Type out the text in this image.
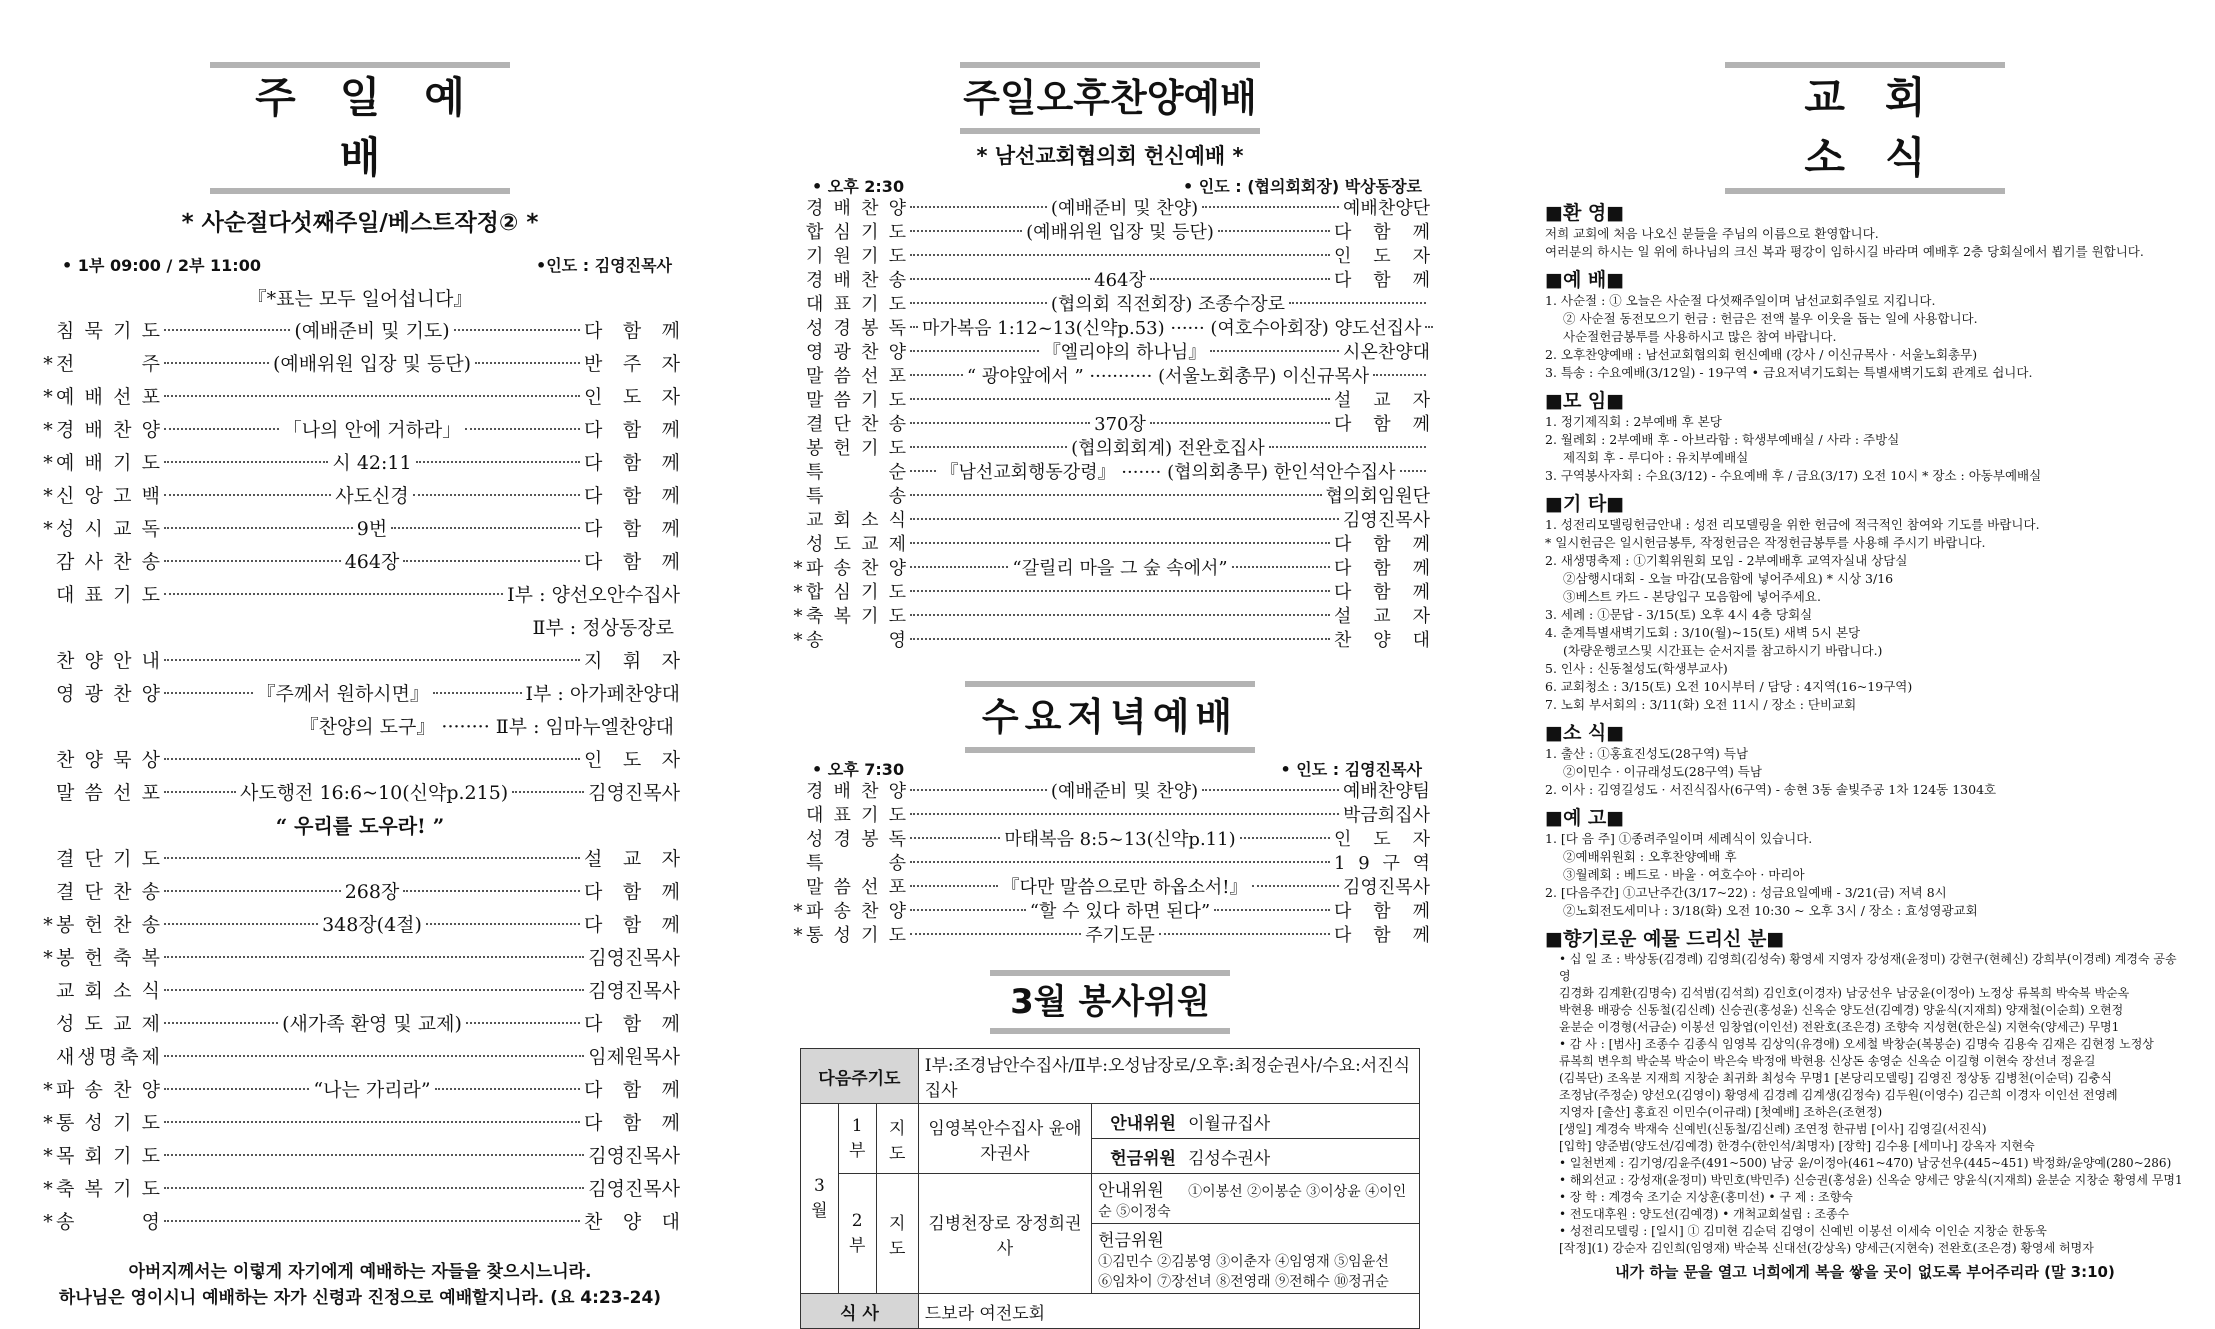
주일예배
* 사순절다섯째주일/베스트작정② *
• 1부 09:00 / 2부 11:00	•인도 : 김영진목사
『*표는 모두 일어섭니다』
침 묵 기 도	(예배준비 및 기도)	다 함 께
* 전	주	(예배위원 입장 및 등단)	반 주 자
* 예 배 선 포	인 도 자
* 경 배 찬 양	「나의 안에 거하라」	다 함 께
* 예 배 기 도	시 42:11	다 함 께
* 신 앙 고 백	사도신경	다 함 께
* 성 시 교 독	9번	다 함 께
감 사 찬 송	464장	다 함 께
대 표 기 도	Ⅰ부 : 양선오안수집사
Ⅱ부 : 정상동장로
찬 양 안 내	지 휘 자
영 광 찬 양	『주께서 원하시면』	Ⅰ부 : 아가페찬양대
『찬양의 도구』 ········ Ⅱ부 : 임마누엘찬양대
찬 양 묵 상	인 도 자
말 씀 선 포	사도행전 16:6~10(신약p.215)	김영진목사
“ 우리를 도우라! ”
결 단 기 도	설 교 자
결 단 찬 송	268장	다 함 께
* 봉 헌 찬 송	348장(4절)	다 함 께
* 봉 헌 축 복	김영진목사
교 회 소 식	김영진목사
성 도 교 제	(새가족 환영 및 교제)	다 함 께
새 생 명 축 제	임제원목사
* 파 송 찬 양	“나는 가리라”	다 함 께
* 통 성 기 도	다 함 께
* 목 회 기 도	김영진목사
* 축 복 기 도	김영진목사
* 송	영	찬 양 대
아버지께서는 이렇게 자기에게 예배하는 자들을 찾으시느니라.
하나님은 영이시니 예배하는 자가 신령과 진정으로 예배할지니라. (요 4:23-24)
주일오후찬양예배
* 남선교회협의회 헌신예배 *
• 오후 2:30	• 인도 : (협의회회장) 박상동장로
경 배 찬 양	(예배준비 및 찬양)	예배찬양단
합 심 기 도	(예배위원 입장 및 등단)	다 함 께
기 원 기 도	인 도 자
경 배 찬 송	464장	다 함 께
대 표 기 도	(협의회 직전회장) 조종수장로
성 경 봉 독 마가복음 1:12~13(신약p.53) ······ (여호수아회장) 양도선집사
영 광 찬 양	『엘리야의 하나님』	시온찬양대
말 씀 선 포	“ 광야앞에서 ” ··········· (서울노회총무) 이신규목사
말 씀 기 도	설 교 자
결 단 찬 송	370장	다 함 께
봉 헌 기 도	(협의회회계) 전완호집사
특	순 『남선교회행동강령』 ······· (협의회총무) 한인석안수집사
특	송	협의회임원단
교 회 소 식	김영진목사
성 도 교 제	다 함 께
* 파 송 찬 양	“갈릴리 마을 그 숲 속에서”	다 함 께
* 합 심 기 도	다 함 께
* 축 복 기 도	설 교 자
* 송	영	찬 양 대
수요저녁예배
• 오후 7:30	• 인도 : 김영진목사
경 배 찬 양	(예배준비 및 찬양)	예배찬양팀
대 표 기 도	박금희집사
성 경 봉 독	마태복음 8:5~13(신약p.11)	인 도 자
특	송	1 9 구 역
말 씀 선 포	『다만 말씀으로만 하옵소서!』	김영진목사
* 파 송 찬 양	“할 수 있다 하면 된다”	다 함 께
* 통 성 기 도	주기도문	다 함 께
3월 봉사위원
다음주기도			Ⅰ부:조경남안수집사/Ⅱ부:오성남장로/오후:최정순권사/수요:서진식집사	
3월	1부	지도	임영복안수집사 윤애자권사	안내위원 이월규집사
				헌금위원 김성수권사
	2부	지도	김병천장로 장정희권사	안내위원 ①이봉선 ②이봉순 ③이상윤 ④이인순 ⑤이정숙
				헌금위원
①김민수 ②김봉영 ③이춘자 ④임영재 ⑤임윤선
⑥임차이 ⑦장선녀 ⑧전영래 ⑨전해수 ⑩정귀순

식 사			드보라 여전도회	
교회소식
■환 영■
저희 교회에 처음 나오신 분들을 주님의 이름으로 환영합니다.
여러분의 하시는 일 위에 하나님의 크신 복과 평강이 임하시길 바라며 예배후 2층 당회실에서 뵙기를 원합니다.
■예 배■
1. 사순절 : ① 오늘은 사순절 다섯째주일이며 남선교회주일로 지킵니다.
② 사순절 동전모으기 헌금 : 헌금은 전액 불우 이웃을 돕는 일에 사용합니다.
사순절헌금봉투를 사용하시고 많은 참여 바랍니다.
2. 오후찬양예배 : 남선교회협의회 헌신예배 (강사 / 이신규목사 · 서울노회총무)
3. 특송 : 수요예배(3/12일) - 19구역 • 금요저녁기도회는 특별새벽기도회 관계로 쉽니다.
■모 임■
1. 정기제직회 : 2부예배 후 본당
2. 월례회 : 2부예배 후 - 아브라함 : 학생부예배실 / 사라 : 주방실
제직회 후 - 루디아 : 유치부예배실
3. 구역봉사자회 : 수요(3/12) - 수요예배 후 / 금요(3/17) 오전 10시 * 장소 : 아동부예배실
■기 타■
1. 성전리모델링헌금안내 : 성전 리모델링을 위한 헌금에 적극적인 참여와 기도를 바랍니다.
* 일시헌금은 일시헌금봉투, 작정헌금은 작정헌금봉투를 사용해 주시기 바랍니다.
2. 새생명축제 : ①기획위원회 모임 - 2부예배후 교역자실내 상담실
②삼행시대회 - 오늘 마감(모음함에 넣어주세요) * 시상 3/16
③베스트 카드 - 본당입구 모음함에 넣어주세요.
3. 세례 : ①문답 - 3/15(토) 오후 4시 4층 당회실
4. 춘계특별새벽기도회 : 3/10(월)~15(토) 새벽 5시 본당
(차량운행코스및 시간표는 순서지를 참고하시기 바랍니다.)
5. 인사 : 신동철성도(학생부교사)
6. 교회청소 : 3/15(토) 오전 10시부터 / 담당 : 4지역(16~19구역)
7. 노회 부서회의 : 3/11(화) 오전 11시 / 장소 : 단비교회
■소 식■
1. 출산 : ①홍효진성도(28구역) 득남
②이민수 · 이규래성도(28구역) 득남
2. 이사 : 김영길성도 · 서진식집사(6구역) - 송현 3동 솔빛주공 1차 124동 1304호
■예 고■
1. [다 음 주] ①종려주일이며 세례식이 있습니다.
②예배위원회 : 오후찬양예배 후
③월례회 : 베드로 · 바울 · 여호수아 · 마리아
2. [다음주간] ①고난주간(3/17~22) : 성금요일예배 - 3/21(금) 저녁 8시
②노회전도세미나 : 3/18(화) 오전 10:30 ~ 오후 3시 / 장소 : 효성영광교회
■향기로운 예물 드리신 분■
• 십 일 조 : 박상동(김경례) 김영희(김성숙) 황영세 지영자 강성재(윤정미) 강현구(현혜신) 강희부(이경례) 계경숙 공송영
김경화 김계환(김명숙) 김석범(김석희) 김인호(이경자) 남궁선우 남궁윤(이정아) 노정상 류복희 박숙복 박순옥
박현용 배광승 신동철(김신례) 신승권(홍성윤) 신옥순 양도선(김예경) 양윤식(지재희) 양재철(이순희) 오현정
윤분순 이경형(서금순) 이봉선 임창엽(이인선) 전완호(조은경) 조향숙 지성현(한은실) 지현숙(양세근) 무명1
• 감 사 : [범사] 조종수 김종식 임영복 김상익(유경애) 오세철 박창순(복봉순) 김명숙 김용숙 김재은 김현정 노정상
류복희 변우희 박순복 박순이 박은숙 박정애 박현용 신상돈 송영순 신옥순 이길형 이현숙 장선녀 정윤길
(김복단) 조옥분 지재희 지창순 최귀화 최성숙 무명1 [본당리모델링] 김영진 정상동 김병천(이순덕) 김충식
조정남(주정순) 양선오(김영이) 황영세 김경례 김계생(김정숙) 김두원(이영수) 김근희 이경자 이인선 전영례
지영자 [출산] 홍효진 이민수(이규래) [첫예배] 조하은(조현정)
[생일] 계경숙 박재숙 신예빈(신동철/김신례) 조연정 한규범 [이사] 김영길(서진식)
[입학] 양준범(양도선/김예경) 한경수(한인석/최명자) [장학] 김수용 [세미나] 강옥자 지현숙
• 일천번제 : 김기영/김윤주(491~500) 남궁 윤/이정아(461~470) 남궁선우(445~451) 박정화/윤양예(280~286)
• 해외선교 : 강성재(윤정미) 박민호(박민주) 신승권(홍성윤) 신옥순 양세근 양윤식(지재희) 윤분순 지창순 황영세 무명1
• 장 학 : 계경숙 조기순 지상훈(홍미선) • 구 제 : 조향숙
• 전도대후원 : 양도선(김예경) • 개척교회설립 : 조종수
• 성전리모델링 : [일시] ① 김미현 김순덕 김영이 신예빈 이봉선 이세숙 이인순 지창순 한동욱
[작정](1) 강순자 김인희(임영재) 박순복 신대선(강상옥) 양세근(지현숙) 전완호(조은경) 황영세 허명자
내가 하늘 문을 열고 너희에게 복을 쌓을 곳이 없도록 부어주리라 (말 3:10)
